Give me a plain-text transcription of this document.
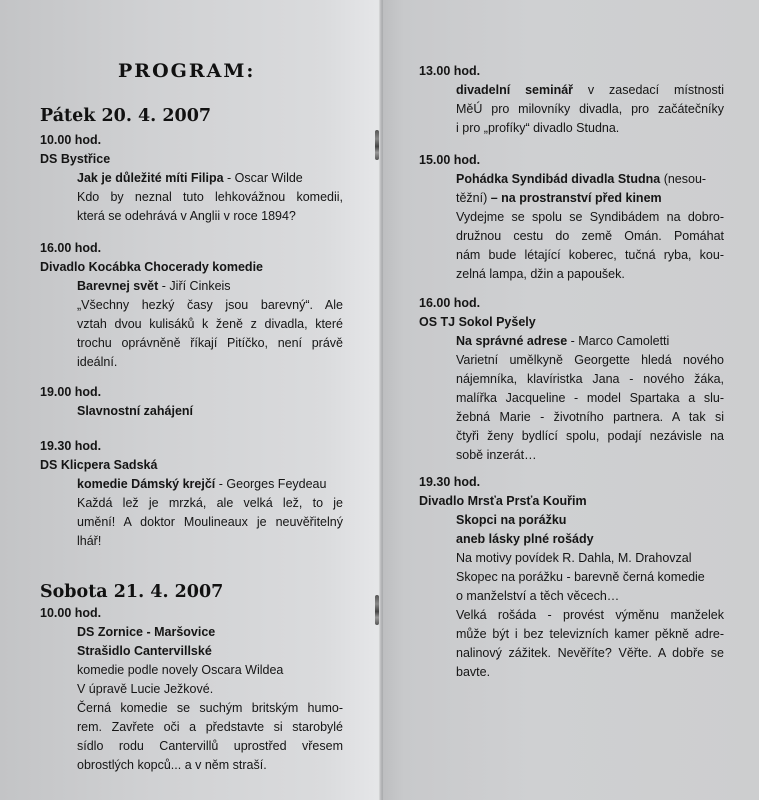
PROGRAM:
Pátek 20. 4. 2007
10.00 hod.
DS Bystřice
Jak je důležité míti Filipa - Oscar Wilde
Kdo by neznal tuto lehkovážnou komedii,
která se odehrává v Anglii v roce 1894?
16.00 hod.
Divadlo Kocábka Chocerady komedie
Barevnej svět - Jiří Cinkeis
„Všechny hezký časy jsou barevný“. Ale
vztah dvou kulisáků k ženě z divadla, které
trochu oprávněně říkají Pitíčko, není právě
ideální.
19.00 hod.
Slavnostní zahájení
19.30 hod.
DS Klicpera Sadská
komedie Dámský krejčí - Georges Feydeau
Každá lež je mrzká, ale velká lež, to je
umění! A doktor Moulineaux je neuvěřitelný
lhář!
Sobota 21. 4. 2007
10.00 hod.
DS Zornice - Maršovice
Strašidlo Cantervillské
komedie podle novely Oscara Wildea
V úpravě Lucie Ježkové.
Černá komedie se suchým britským humo-
rem. Zavřete oči a představte si starobylé
sídlo rodu Cantervillů uprostřed vřesem
obrostlých kopců... a v něm straší.
13.00 hod.
divadelní seminář v zasedací místnosti
MěÚ pro milovníky divadla, pro začátečníky
i pro „profíky“ divadlo Studna.
15.00 hod.
Pohádka Syndibád divadla Studna (nesou-
těžní) – na prostranství před kinem
Vydejme se spolu se Syndibádem na dobro-
družnou cestu do země Omán. Pomáhat
nám bude létající koberec, tučná ryba, kou-
zelná lampa, džin a papoušek.
16.00 hod.
OS TJ Sokol Pyšely
Na správné adrese - Marco Camoletti
Varietní umělkyně Georgette hledá nového
nájemníka, klavíristka Jana - nového žáka,
malířka Jacqueline - model Spartaka a slu-
žebná Marie - životního partnera. A tak si
čtyři ženy bydlící spolu, podají nezávisle na
sobě inzerát…
19.30 hod.
Divadlo Mrsťa Prsťa Kouřim
Skopci na porážku
aneb lásky plné rošády
Na motivy povídek R. Dahla, M. Drahovzal
Skopec na porážku - barevně černá komedie
o manželství a těch věcech…
Velká rošáda - provést výměnu manželek
může být i bez televizních kamer pěkně adre-
nalinový zážitek. Nevěříte? Věřte. A dobře se
bavte.
